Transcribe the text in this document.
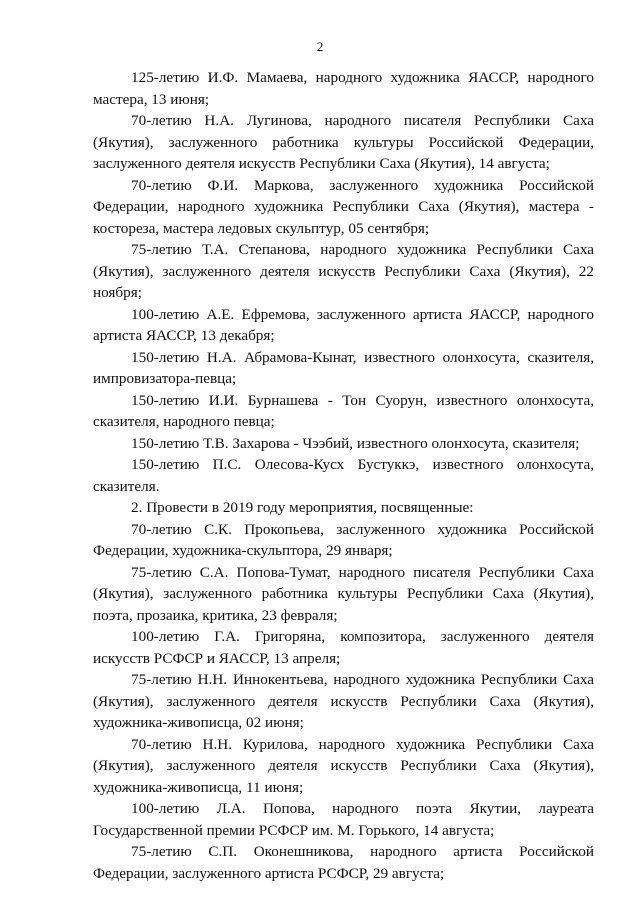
2

125-летию И.Ф. Мамаева, народного художника ЯАССР, народного мастера, 13 июня;

70-летию Н.А. Лугинова, народного писателя Республики Саха (Якутия), заслуженного работника культуры Российской Федерации, заслуженного деятеля искусств Республики Саха (Якутия), 14 августа;

70-летию Ф.И. Маркова, заслуженного художника Российской Федерации, народного художника Республики Саха (Якутия), мастера - косторeза, мастера ледовых скульптур, 05 сентября;

75-летию Т.А. Степанова, народного художника Республики Саха (Якутия), заслуженного деятеля искусств Республики Саха (Якутия), 22 ноября;

100-летию А.Е. Ефремова, заслуженного артиста ЯАССР, народного артиста ЯАССР, 13 декабря;

150-летию Н.А. Абрамова-Кынат, известного олонхосута, сказителя, импровизатора-певца;

150-летию И.И. Бурнашева - Тон Суорун, известного олонхосута, сказителя, народного певца;

150-летию Т.В. Захарова - Чээбий, известного олонхосута, сказителя;

150-летию П.С. Олесова-Кусх Бустуккэ, известного олонхосута, сказителя.

2. Провести в 2019 году мероприятия, посвященные:

70-летию С.К. Прокопьева, заслуженного художника Российской Федерации, художника-скульптора, 29 января;

75-летию С.А. Попова-Тумат, народного писателя Республики Саха (Якутия), заслуженного работника культуры Республики Саха (Якутия), поэта, прозаика, критика, 23 февраля;

100-летию Г.А. Григоряна, композитора, заслуженного деятеля искусств РСФСР и ЯАССР, 13 апреля;

75-летию Н.Н. Иннокентьева, народного художника Республики Саха (Якутия), заслуженного деятеля искусств Республики Саха (Якутия), художника-живописца, 02 июня;

70-летию Н.Н. Курилова, народного художника Республики Саха (Якутия), заслуженного деятеля искусств Республики Саха (Якутия), художника-живописца, 11 июня;

100-летию Л.А. Попова, народного поэта Якутии, лауреата Государственной премии РСФСР им. М. Горького, 14 августа;

75-летию С.П. Оконешникова, народного артиста Российской Федерации, заслуженного артиста РСФСР, 29 августа;
